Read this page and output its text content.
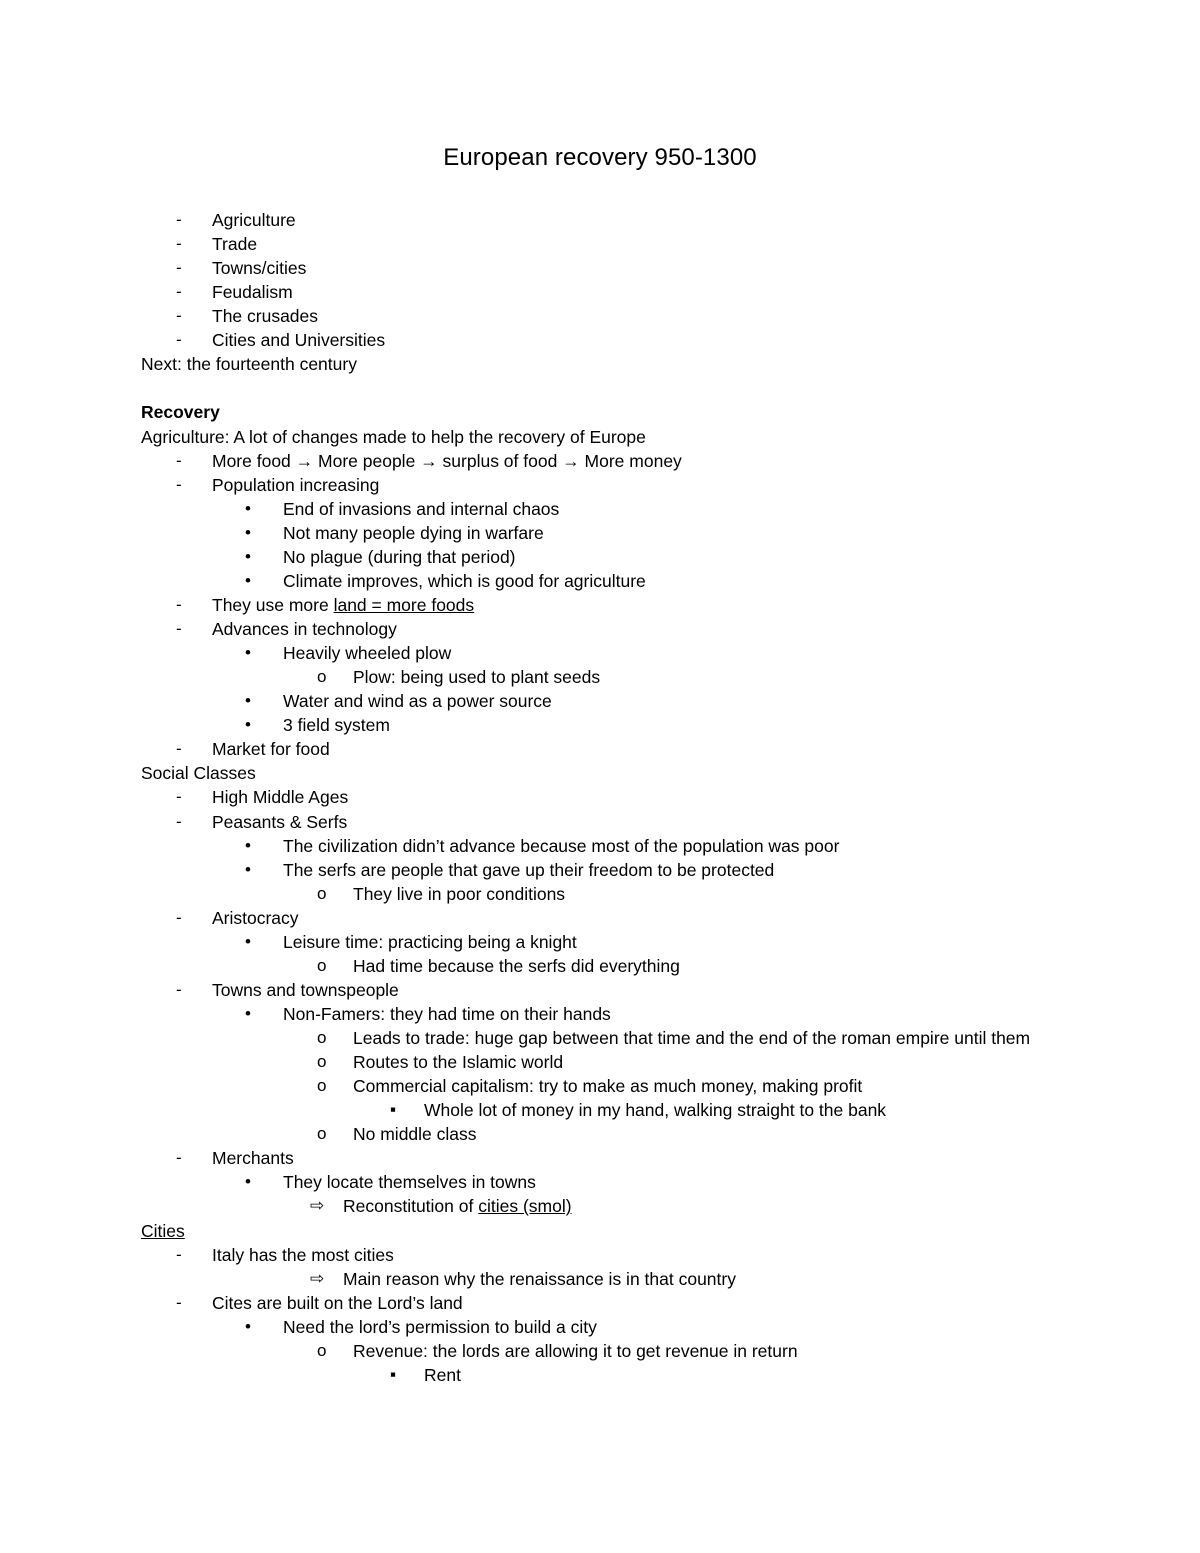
European recovery 950-1300
- Agriculture
- Trade
- Towns/cities
- Feudalism
- The crusades
- Cities and Universities
Next: the fourteenth century
Recovery
Agriculture: A lot of changes made to help the recovery of Europe
- More food → More people → surplus of food → More money
- Population increasing
• End of invasions and internal chaos
• Not many people dying in warfare
• No plague (during that period)
• Climate improves, which is good for agriculture
- They use more land = more foods
- Advances in technology
• Heavily wheeled plow
o Plow: being used to plant seeds
• Water and wind as a power source
• 3 field system
- Market for food
Social Classes
- High Middle Ages
- Peasants & Serfs
• The civilization didn’t advance because most of the population was poor
• The serfs are people that gave up their freedom to be protected
o They live in poor conditions
- Aristocracy
• Leisure time: practicing being a knight
o Had time because the serfs did everything
- Towns and townspeople
• Non-Famers: they had time on their hands
o Leads to trade: huge gap between that time and the end of the roman empire until them
o Routes to the Islamic world
o Commercial capitalism: try to make as much money, making profit
▪ Whole lot of money in my hand, walking straight to the bank
o No middle class
- Merchants
• They locate themselves in towns
⇨ Reconstitution of cities (smol)
Cities
- Italy has the most cities
⇨ Main reason why the renaissance is in that country
- Cites are built on the Lord’s land
• Need the lord’s permission to build a city
o Revenue: the lords are allowing it to get revenue in return
▪ Rent
